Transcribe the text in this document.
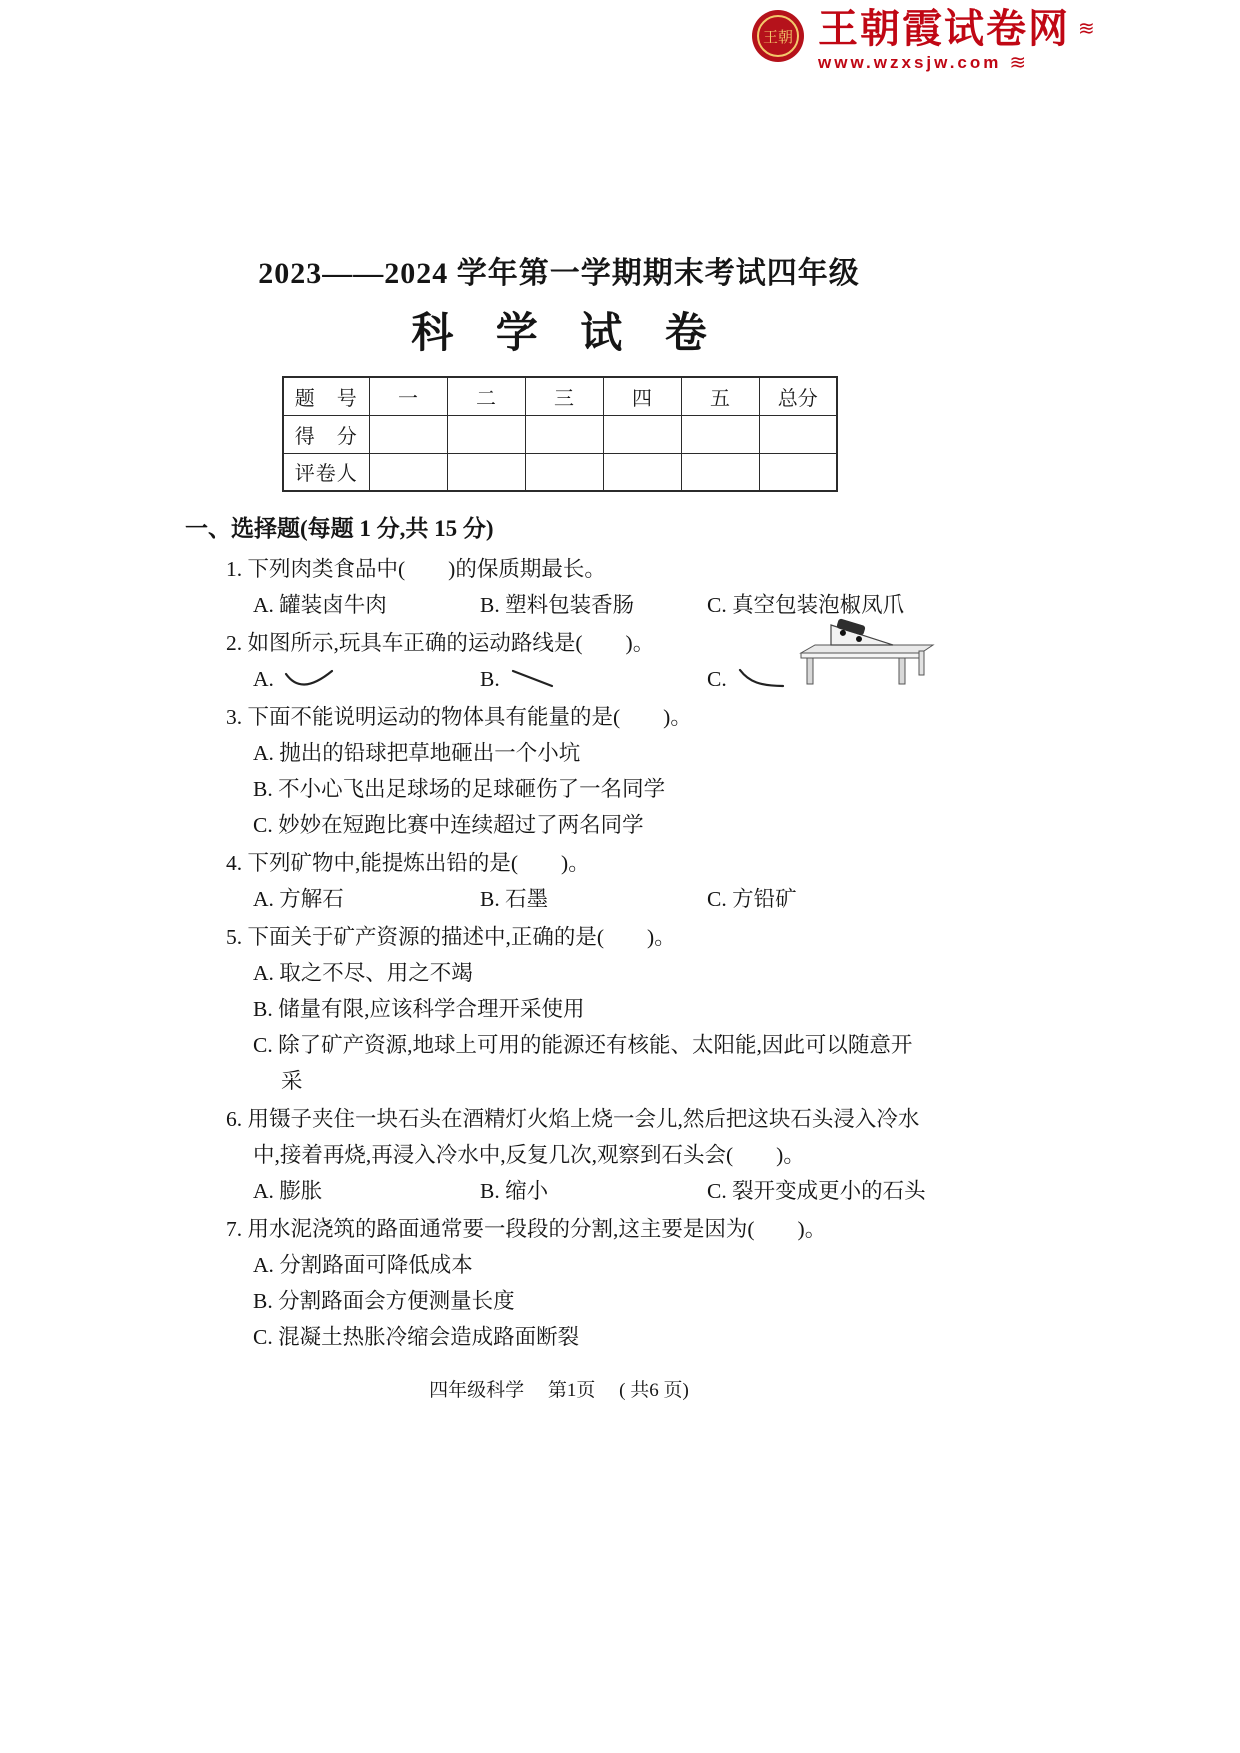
王朝 王朝霞试卷网 ≋
www.wzxsjw.com ≋
2023——2024 学年第一学期期末考试四年级
科 学 试 卷
题　号	一	二	三	四	五	总分
得　分						
评卷人						
一、选择题(每题 1 分,共 15 分)

1. 下列肉类食品中(        )的保质期最长。

A. 罐装卤牛肉	B. 塑料包装香肠	C. 真空包装泡椒凤爪

2. 如图所示,玩具车正确的运动路线是(        )。

A.	B.	C.

3. 下面不能说明运动的物体具有能量的是(        )。

A. 抛出的铅球把草地砸出一个小坑

B. 不小心飞出足球场的足球砸伤了一名同学

C. 妙妙在短跑比赛中连续超过了两名同学

4. 下列矿物中,能提炼出铅的是(        )。

A. 方解石	B. 石墨	C. 方铅矿

5. 下面关于矿产资源的描述中,正确的是(        )。

A. 取之不尽、用之不竭

B. 储量有限,应该科学合理开采使用

C. 除了矿产资源,地球上可用的能源还有核能、太阳能,因此可以随意开采

6. 用镊子夹住一块石头在酒精灯火焰上烧一会儿,然后把这块石头浸入冷水中,接着再烧,再浸入冷水中,反复几次,观察到石头会(        )。

A. 膨胀	B. 缩小	C. 裂开变成更小的石头

7. 用水泥浇筑的路面通常要一段段的分割,这主要是因为(        )。

A. 分割路面可降低成本

B. 分割路面会方便测量长度

C. 混凝土热胀冷缩会造成路面断裂

四年级科学　 第1页　 ( 共6 页)
